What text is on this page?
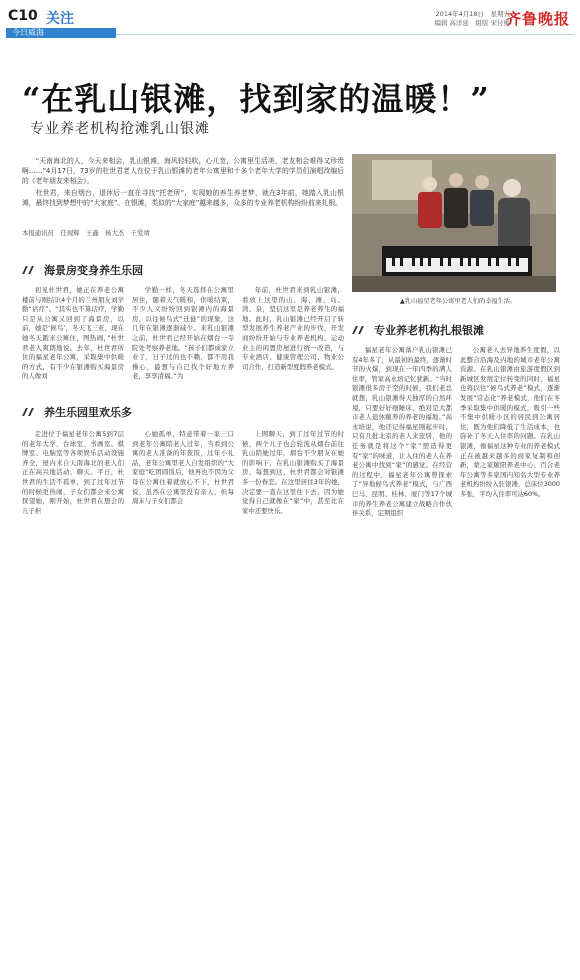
C10 关注
今日威海
2014年4月18日　星期五
编辑 高洋延　组版 宋付梅
齐鲁晚报
“在乳山银滩，找到家的温暖！”
专业养老机构抢滩乳山银滩

“天南海北的人，今天来相会，乳山银滩，海风轻轻吹，心儿宽，公寓里生活美，老友相会难得又珍贵啊……”4月17日，73岁的杜世君老人在位于乳山银滩的老年公寓里和十多个老年大学的学员们演唱改编后的《老年朋友来相会》。

杜世君，来自烟台，退休后一直在寻找“托老所”，实现她的养生养老梦，就在3年前，她踏入乳山银滩，最终找到梦想中的“大家庭”。在银滩，类似的“大家庭”越来越多，众多的专业养老机构纷纷前来扎根。

本报通讯员　任现辉　王鑫　杨大杰　王爱靖
▲乳山福星老年公寓里老人们的幸福生活。
海景房变身养生乐园

初见杜世君，她正在养老公寓楼前与刚结识4个月的兰州朋友刘学勤“话疗”。“其实也不算话疗，学勤只是从公寓又回到了海景房，以前，她是‘候鸟’，冬天飞三亚，现在她冬天跑来公寓住，图热闹，”杜世君老人爽朗地说。去年，杜世君所住的福星老年公寓，采取集中供暖的方式，有不少在银滩购买海景房的人像刘

学勤一样，冬天选择在公寓里居住，随着天气暖和，供暖结束，不少人又纷纷回到银滩内的海景房，以往候鸟式“迁徙”的现象，这几年在银滩逐渐减少。来乳山银滩之前，杜世君已经开始在烟台一寺院处考察养老地。“孩子们都成家立业了，日子过的也不赖，都不用我操心，最想与自己找个好地方养老，享享清福。”为

养生乐园里欢乐多

走进位于福星老年公寓5到7层的老年大学，台球室、书画室、棋牌室、电脑室等各项娱乐活动设施齐全，屋内来自天南海北的老人们正在高兴地活动、聊天。平日，杜世君的生活不孤单，到了过年过节的时候更热闹，子女们都会来公寓探望她，刚开始，杜世君在想会的儿子担

心她孤单，特意带着一家三口到老年公寓陪老人过年，当看到公寓的老人准备的年夜饭，过年小礼品，老年公寓里老人自发组织的“大家庭”吃团圆饭后，他再也不因为父母在公寓住着就放心不下，杜世君说，虽然在公寓里没有亲人，但每周末与子女们都会

年前，杜世君来到乳山银滩，看放上这里的山、海、滩、岛、湾、泉，坚信这里是养老养生的福地。此时，乳山银滩已经开启了转型发展养生养老产业的步伐，开发商纷纷开始与专业养老机构、运动业主的闲置房屋进行统一改造，与专业酒店、健康管理公司、物业公司合作，打造新型度假养老模式。

上网聊天，到了过年过节的时候，两个儿子也会轮流从烟台前往乳山陪她过年，烟台不少朋友在她的影响下，在乳山银滩购买了海景房，每想到这，杜世君都会对银滩多一份眷恋。在这里居住3年的她，决定要一直在这里住下去，因为她觉得自己就像在“家”中，甚至比在家中还要快乐。

专业养老机构扎根银滩

福星老年公寓落户乳山银滩已有4年多了，从最初的最终，逐渐时节的火爆，到现在一年四季的满人住率，管家高永培记忆犹新。“当时银滩很多房子空的时候，我们老总就想，乳山银滩得天独厚的自然环境，只要好好细睡床，绝对是大都市老人退休颐养的养老的福地。”高永培说，他还记得福星刚起步时，只有几批北京的老人来旅居，他的任务就是将这个“家”塑造得更有“家”的味道，让入住的老人在养老公寓中找到“家”的感觉。在经营的过程中，福星老年公寓曾探索了“异地候鸟式养老”模式，与广西巴马、昆明、桂林、厦门等17个城市的养生养老公寓建立战略合作伙伴关系，定期组织

公寓老人去异地养生度假，以此整合沿海及内地的城市老年公寓资源。在乳山银滩由旅游度假区到新城区发展定位转变的同时，福星也将以往“候鸟式养老”模式，逐渐发展“常态化”养老模式，他们在冬季采取集中供暖的模式，吸引一些不集中供暖小区的居民到公寓居住，既为他们降低了生活成本，也弥补了冬天人住率的问题。在乳山银滩，像福星这种专业的养老模式正在被越来越多的商家复制和创新，蒙之家颐阳养老中心、百合老年公寓等多家国内知名大型专业养老机构纷纷入驻银滩，总床位3000多张，平均入住率可达60%。
